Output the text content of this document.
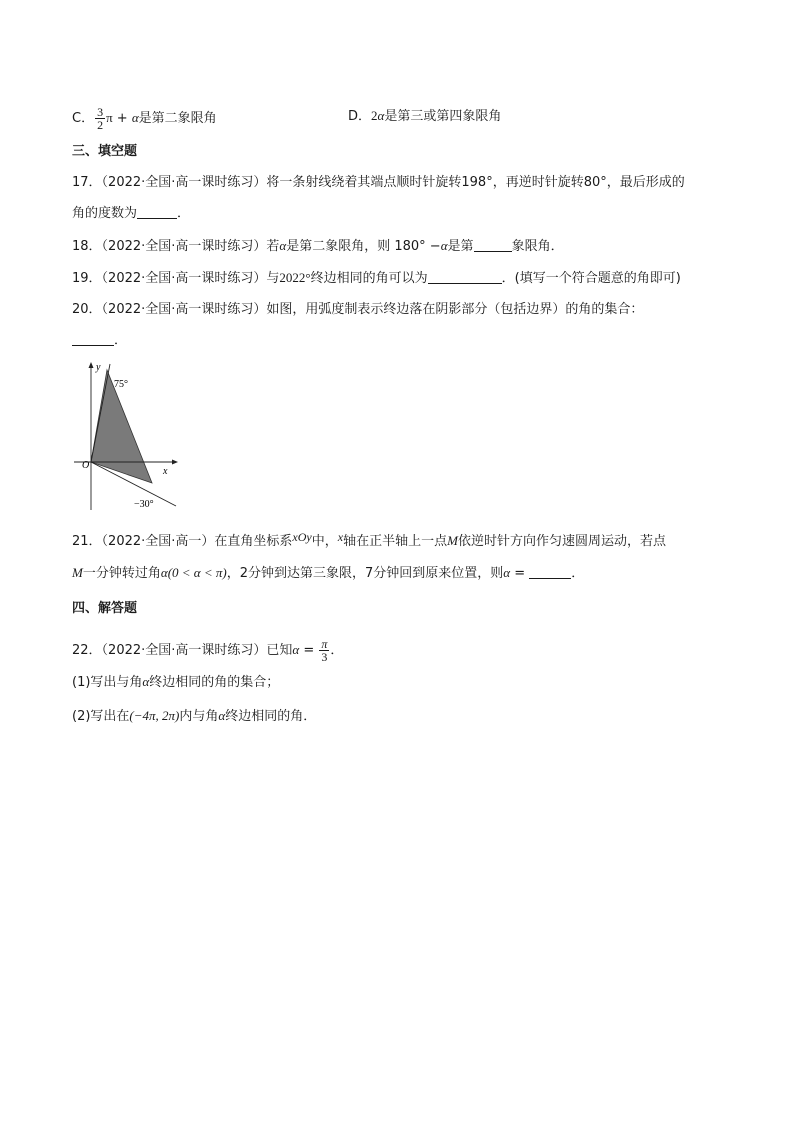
C． $\frac{3}{2}$ π + α是第二象限角	D．2α是第三或第四象限角
三、填空题
17．（2022·全国·高一课时练习）将一条射线绕着其端点顺时针旋转198°，再逆时针旋转80°，最后形成的
角的度数为	．
18．（2022·全国·高一课时练习）若α是第二象限角，则 180° −α是第	象限角．
19．（2022·全国·高一课时练习）与2022°终边相同的角可以为	．(填写一个符合题意的角即可)
20．（2022·全国·高一课时练习）如图，用弧度制表示终边落在阴影部分（包括边界）的角的集合：
．
y
x
O
75°
−30°
21．（2022·全国·高一）在直角坐标系xOy中，x轴在正半轴上一点M依逆时针方向作匀速圆周运动，若点
M一分钟转过角α(0 < α < π)，2分钟到达第三象限，7分钟回到原来位置，则α =	．
四、解答题
22．（2022·全国·高一课时练习）已知$\alpha = \frac{\pi}{3}$ ．
(1)写出与角α终边相同的角的集合；
(2)写出在(−4π, 2π)内与角α终边相同的角．
